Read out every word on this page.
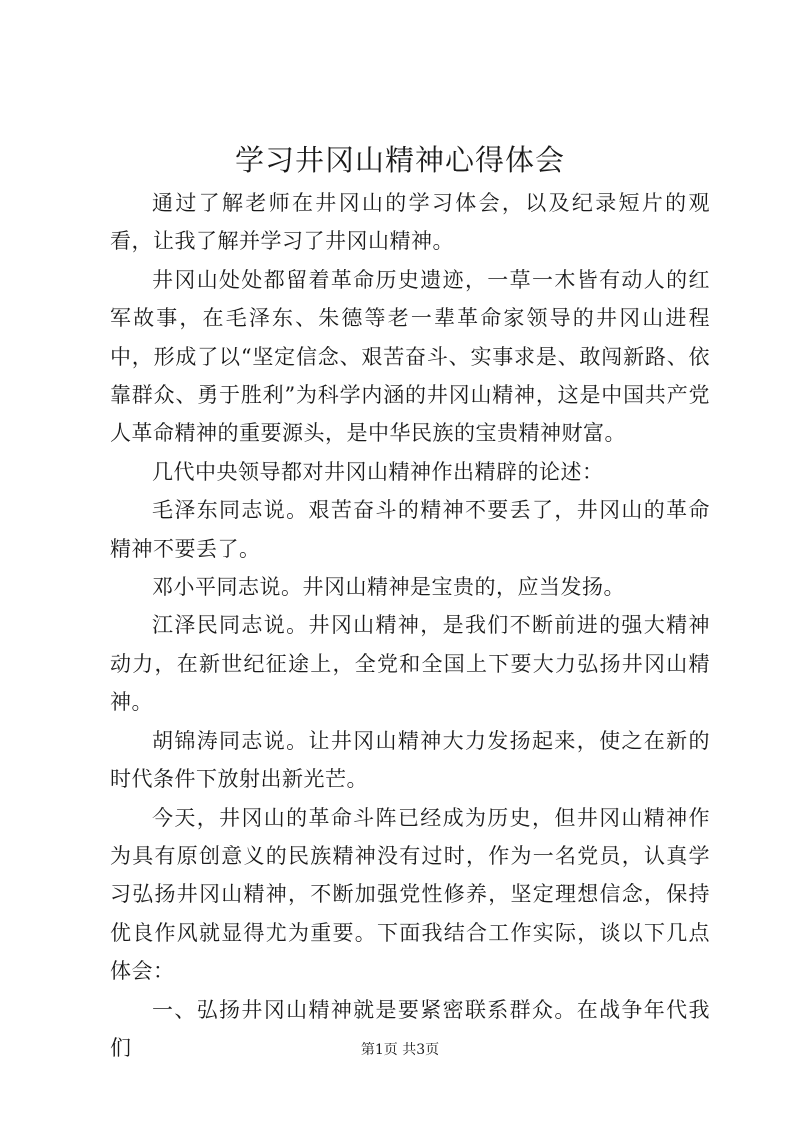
学习井冈山精神心得体会

通过了解老师在井冈山的学习体会，以及纪录短片的观看，让我了解并学习了井冈山精神。

井冈山处处都留着革命历史遗迹，一草一木皆有动人的红军故事，在毛泽东、朱德等老一辈革命家领导的井冈山进程中，形成了以“坚定信念、艰苦奋斗、实事求是、敢闯新路、依靠群众、勇于胜利”为科学内涵的井冈山精神，这是中国共产党人革命精神的重要源头，是中华民族的宝贵精神财富。

几代中央领导都对井冈山精神作出精辟的论述：

毛泽东同志说。艰苦奋斗的精神不要丢了，井冈山的革命精神不要丢了。

邓小平同志说。井冈山精神是宝贵的，应当发扬。

江泽民同志说。井冈山精神，是我们不断前进的强大精神动力，在新世纪征途上，全党和全国上下要大力弘扬井冈山精神。

胡锦涛同志说。让井冈山精神大力发扬起来，使之在新的时代条件下放射出新光芒。

今天，井冈山的革命斗阵已经成为历史，但井冈山精神作为具有原创意义的民族精神没有过时，作为一名党员，认真学习弘扬井冈山精神，不断加强党性修养，坚定理想信念，保持优良作风就显得尤为重要。下面我结合工作实际，谈以下几点体会：

一、弘扬井冈山精神就是要紧密联系群众。在战争年代我们	第1页 共3页
